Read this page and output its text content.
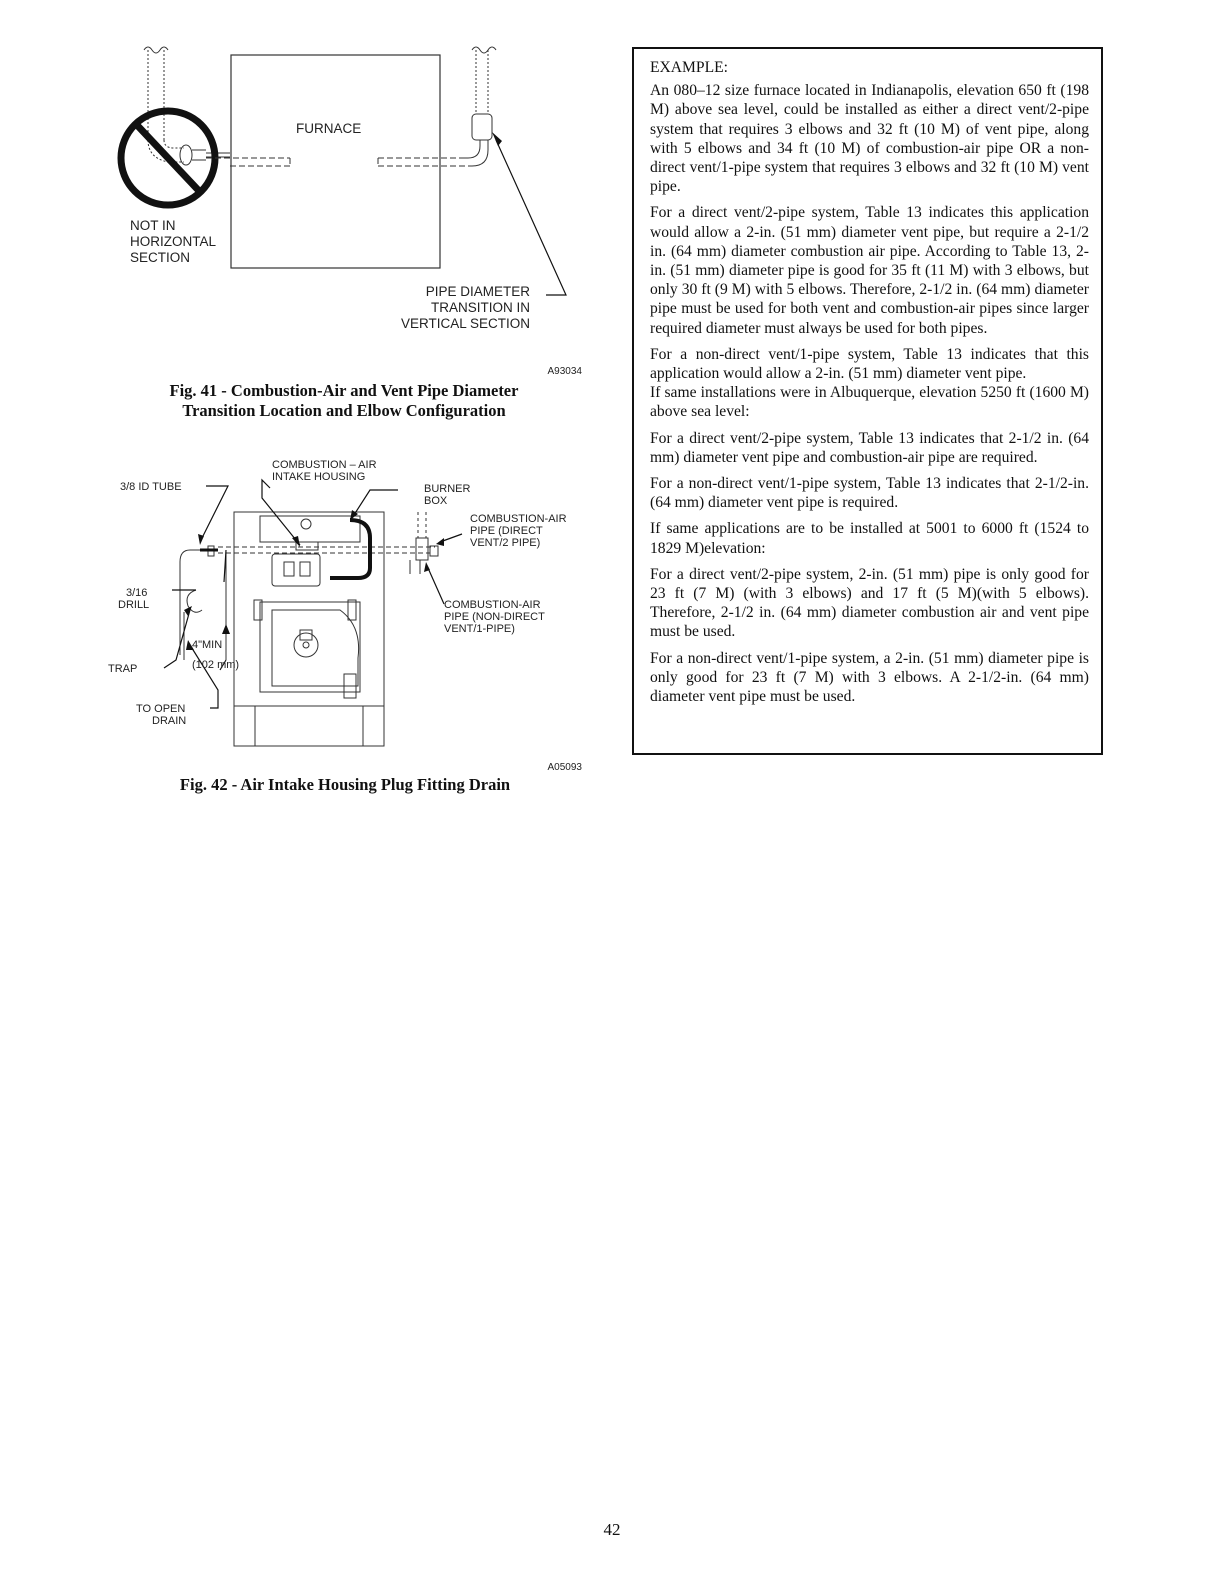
FURNACE
NOT IN
HORIZONTAL
SECTION
PIPE DIAMETER
TRANSITION IN
VERTICAL SECTION
A93034
Fig. 41 - Combustion-Air and Vent Pipe Diameter
Transition Location and Elbow Configuration
COMBUSTION – AIR
INTAKE HOUSING
3/8 ID TUBE	BURNER
BOX
COMBUSTION-AIR
PIPE (DIRECT
VENT/2 PIPE)
3/16
DRILL	COMBUSTION-AIR
PIPE (NON-DIRECT
VENT/1-PIPE)
4"MIN
(102 mm)
TRAP
TO OPEN
DRAIN
A05093
Fig. 42 - Air Intake Housing Plug Fitting Drain
EXAMPLE:

An 080–12 size furnace located in Indianapolis, elevation 650 ft (198 M) above sea level, could be installed as either a direct vent/2-pipe system that requires 3 elbows and 32 ft (10 M) of vent pipe, along with 5 elbows and 34 ft (10 M) of combustion-air pipe OR a non-direct vent/1-pipe system that requires 3 elbows and 32 ft (10 M) vent pipe.

For a direct vent/2-pipe system, Table 13 indicates this application would allow a 2-in. (51 mm) diameter vent pipe, but require a 2-1/2 in. (64 mm) diameter combustion air pipe. According to Table 13, 2-in. (51 mm) diameter pipe is good for 35 ft (11 M) with 3 elbows, but only 30 ft (9 M) with 5 elbows. Therefore, 2-1/2 in. (64 mm) diameter pipe must be used for both vent and combustion-air pipes since larger required diameter must always be used for both pipes.

For a non-direct vent/1-pipe system, Table 13 indicates that this application would allow a 2-in. (51 mm) diameter vent pipe.

If same installations were in Albuquerque, elevation 5250 ft (1600 M) above sea level:

For a direct vent/2-pipe system, Table 13 indicates that 2-1/2 in. (64 mm) diameter vent pipe and combustion-air pipe are required.

For a non-direct vent/1-pipe system, Table 13 indicates that 2-1/2-in. (64 mm) diameter vent pipe is required.

If same applications are to be installed at 5001 to 6000 ft (1524 to 1829 M)elevation:

For a direct vent/2-pipe system, 2-in. (51 mm) pipe is only good for 23 ft (7 M) (with 3 elbows) and 17 ft (5 M)(with 5 elbows). Therefore, 2-1/2 in. (64 mm) diameter combustion air and vent pipe must be used.

For a non-direct vent/1-pipe system, a 2-in. (51 mm) diameter pipe is only good for 23 ft (7 M) with 3 elbows. A 2-1/2-in. (64 mm) diameter vent pipe must be used.

42
